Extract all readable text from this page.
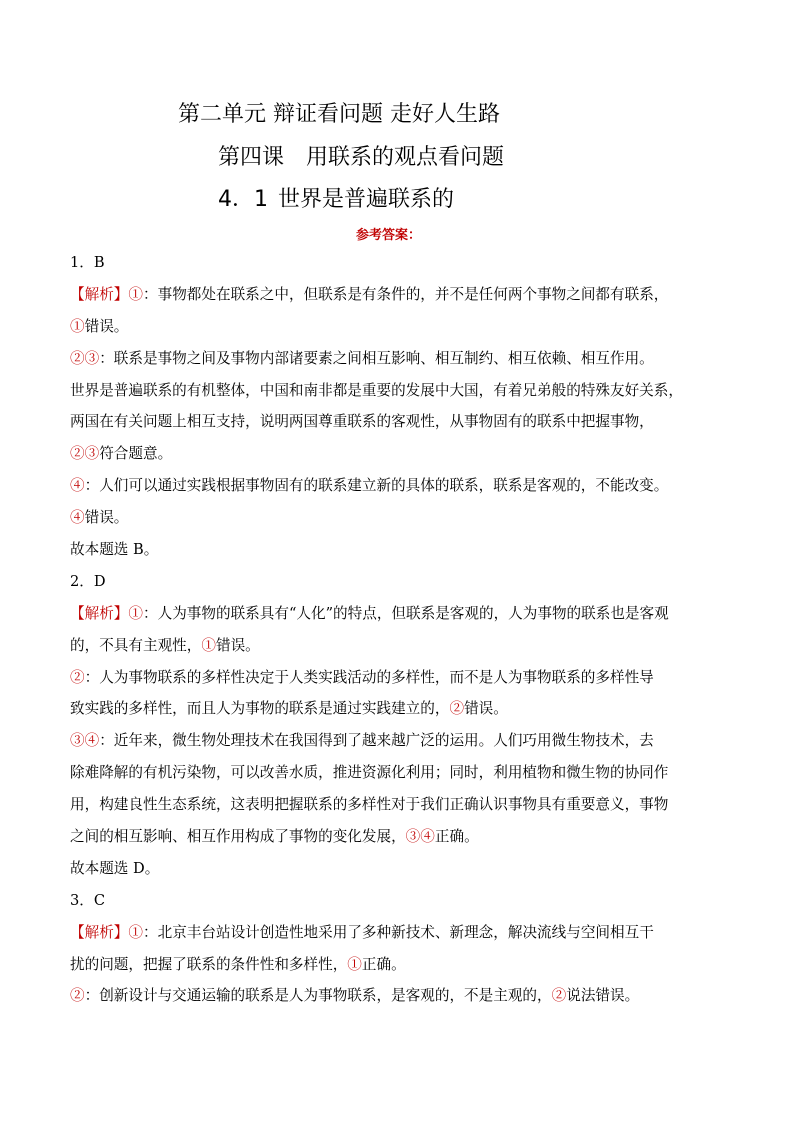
第二单元 辩证看问题 走好人生路
第四课　用联系的观点看问题
4．1 世界是普遍联系的
参考答案：
1．B
【解析】①：事物都处在联系之中，但联系是有条件的，并不是任何两个事物之间都有联系，
①错误。
②③：联系是事物之间及事物内部诸要素之间相互影响、相互制约、相互依赖、相互作用。
世界是普遍联系的有机整体，中国和南非都是重要的发展中大国，有着兄弟般的特殊友好关系，
两国在有关问题上相互支持，说明两国尊重联系的客观性，从事物固有的联系中把握事物，
②③符合题意。
④：人们可以通过实践根据事物固有的联系建立新的具体的联系，联系是客观的，不能改变。
④错误。
故本题选 B。
2．D
【解析】①：人为事物的联系具有“人化”的特点，但联系是客观的，人为事物的联系也是客观
的，不具有主观性，①错误。
②：人为事物联系的多样性决定于人类实践活动的多样性，而不是人为事物联系的多样性导
致实践的多样性，而且人为事物的联系是通过实践建立的，②错误。
③④：近年来，微生物处理技术在我国得到了越来越广泛的运用。人们巧用微生物技术，去
除难降解的有机污染物，可以改善水质，推进资源化利用；同时，利用植物和微生物的协同作
用，构建良性生态系统，这表明把握联系的多样性对于我们正确认识事物具有重要意义，事物
之间的相互影响、相互作用构成了事物的变化发展，③④正确。
故本题选 D。
3．C
【解析】①：北京丰台站设计创造性地采用了多种新技术、新理念，解决流线与空间相互干
扰的问题，把握了联系的条件性和多样性，①正确。
②：创新设计与交通运输的联系是人为事物联系，是客观的，不是主观的，②说法错误。
